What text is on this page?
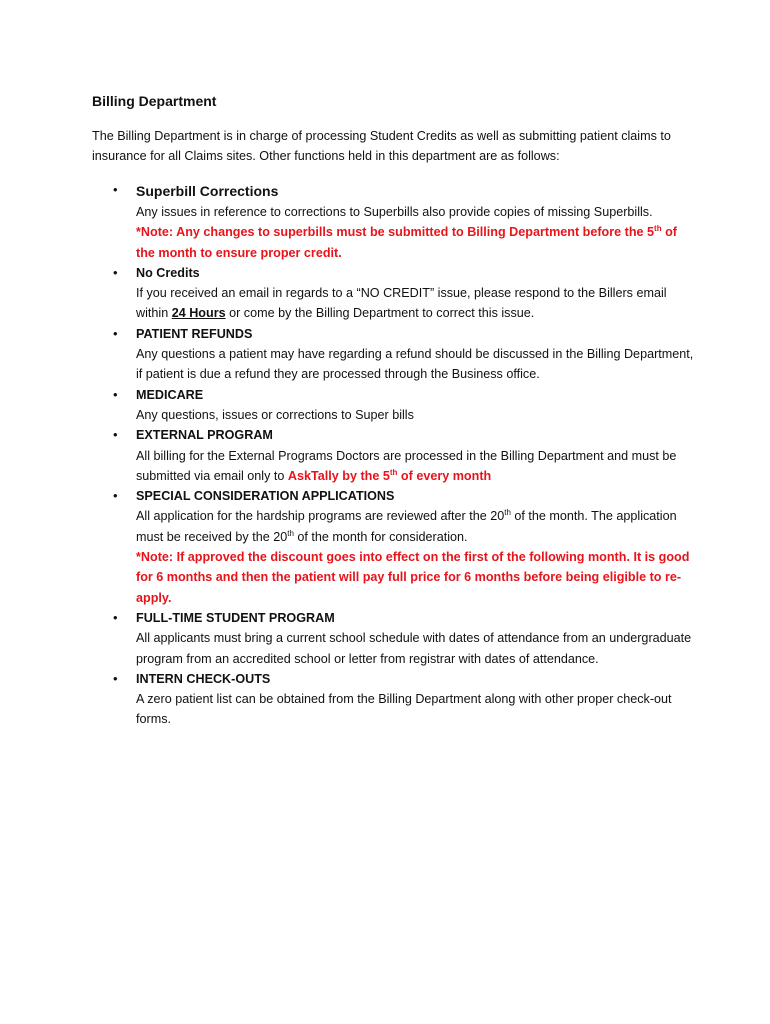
Billing Department

The Billing Department is in charge of processing Student Credits as well as submitting patient claims to insurance for all Claims sites. Other functions held in this department are as follows:

• Superbill Corrections
Any issues in reference to corrections to Superbills also provide copies of missing Superbills.
*Note: Any changes to superbills must be submitted to Billing Department before the 5th of the month to ensure proper credit.
• No Credits
If you received an email in regards to a “NO CREDIT” issue, please respond to the Billers email within 24 Hours or come by the Billing Department to correct this issue.
• PATIENT REFUNDS
Any questions a patient may have regarding a refund should be discussed in the Billing Department, if patient is due a refund they are processed through the Business office.
• MEDICARE
Any questions, issues or corrections to Super bills
• EXTERNAL PROGRAM
All billing for the External Programs Doctors are processed in the Billing Department and must be submitted via email only to AskTally by the 5th of every month
• SPECIAL CONSIDERATION APPLICATIONS
All application for the hardship programs are reviewed after the 20th of the month. The application must be received by the 20th of the month for consideration.
*Note: If approved the discount goes into effect on the first of the following month. It is good for 6 months and then the patient will pay full price for 6 months before being eligible to re-apply.
• FULL-TIME STUDENT PROGRAM
All applicants must bring a current school schedule with dates of attendance from an undergraduate program from an accredited school or letter from registrar with dates of attendance.
• INTERN CHECK-OUTS
A zero patient list can be obtained from the Billing Department along with other proper check-out forms.
